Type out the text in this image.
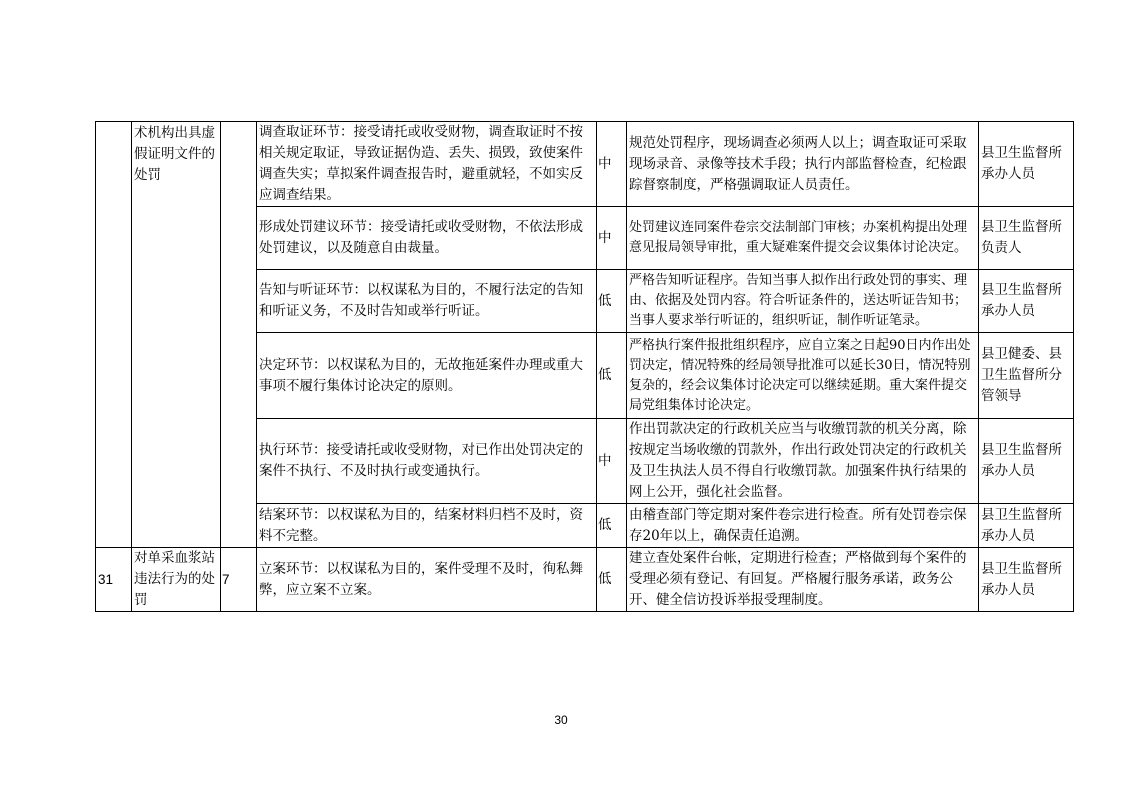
	术机构出具虚假证明文件的处罚		调查取证环节：接受请托或收受财物，调查取证时不按相关规定取证，导致证据伪造、丢失、损毁，致使案件调查失实；草拟案件调查报告时，避重就轻，不如实反应调查结果。	中	规范处罚程序，现场调查必须两人以上；调查取证可采取现场录音、录像等技术手段；执行内部监督检查，纪检跟踪督察制度，严格强调取证人员责任。	县卫生监督所承办人员
			形成处罚建议环节：接受请托或收受财物，不依法形成处罚建议，以及随意自由裁量。	中	处罚建议连同案件卷宗交法制部门审核；办案机构提出处理意见报局领导审批，重大疑难案件提交会议集体讨论决定。	县卫生监督所负责人
			告知与听证环节：以权谋私为目的，不履行法定的告知和听证义务，不及时告知或举行听证。	低	严格告知听证程序。告知当事人拟作出行政处罚的事实、理由、依据及处罚内容。符合听证条件的，送达听证告知书；当事人要求举行听证的，组织听证，制作听证笔录。	县卫生监督所承办人员
			决定环节：以权谋私为目的，无故拖延案件办理或重大事项不履行集体讨论决定的原则。	低	严格执行案件报批组织程序，应自立案之日起90日内作出处罚决定，情况特殊的经局领导批准可以延长30日，情况特别复杂的，经会议集体讨论决定可以继续延期。重大案件提交局党组集体讨论决定。	县卫健委、县卫生监督所分管领导
			执行环节：接受请托或收受财物，对已作出处罚决定的案件不执行、不及时执行或变通执行。	中	作出罚款决定的行政机关应当与收缴罚款的机关分离，除按规定当场收缴的罚款外，作出行政处罚决定的行政机关及卫生执法人员不得自行收缴罚款。加强案件执行结果的网上公开，强化社会监督。	县卫生监督所承办人员
			结案环节：以权谋私为目的，结案材料归档不及时，资料不完整。	低	由稽查部门等定期对案件卷宗进行检查。所有处罚卷宗保存20年以上，确保责任追溯。	县卫生监督所承办人员
31	对单采血浆站违法行为的处罚	7	立案环节：以权谋私为目的，案件受理不及时，徇私舞弊，应立案不立案。	低	建立查处案件台帐，定期进行检查；严格做到每个案件的受理必须有登记、有回复。严格履行服务承诺，政务公开、健全信访投诉举报受理制度。	县卫生监督所承办人员
30
